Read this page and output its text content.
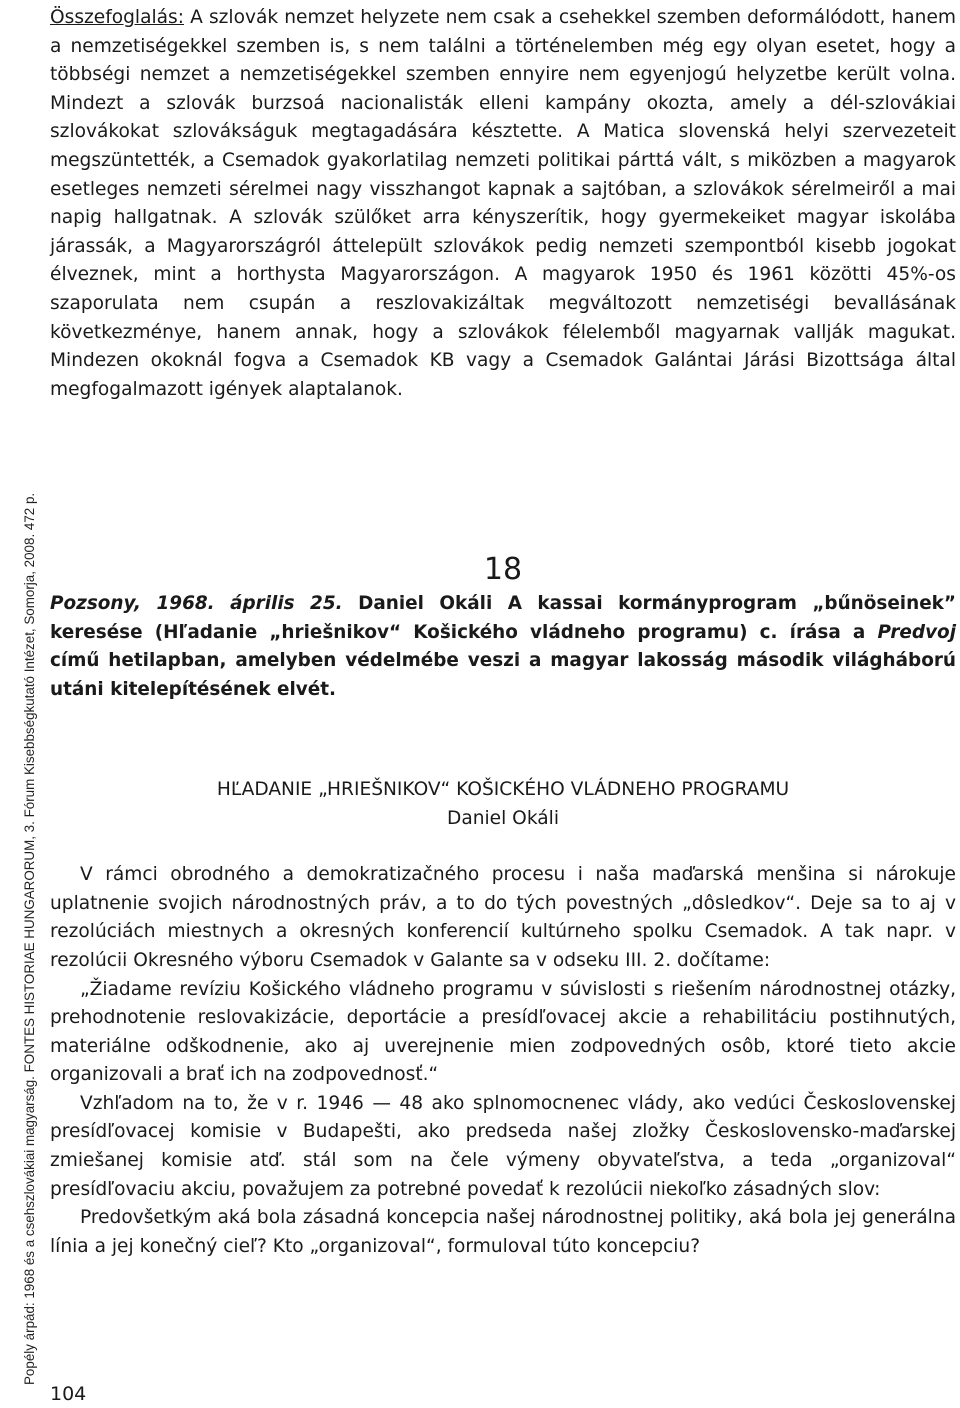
Popély árpád: 1968 és a csehszlovákiai magyarság. FONTES HISTORIAE HUNGARORUM, 3. Fórum Kisebbségkutató Intézet, Somorja, 2008. 472 p.

Összefoglalás: A szlovák nemzet helyzete nem csak a csehekkel szemben deformálódott, hanem a nemzetiségekkel szemben is, s nem találni a történelemben még egy olyan esetet, hogy a többségi nemzet a nemzetiségekkel szemben ennyire nem egyenjogú helyzetbe került volna. Mindezt a szlovák burzsoá nacionalisták elleni kampány okozta, amely a dél-szlovákiai szlovákokat szlovákságuk megtagadására késztette. A Matica slovenská helyi szervezeteit megszüntették, a Csemadok gyakorlatilag nemzeti politikai párttá vált, s miközben a magyarok esetleges nemzeti sérelmei nagy visszhangot kapnak a sajtóban, a szlovákok sérelmeiről a mai napig hallgatnak. A szlovák szülőket arra kényszerítik, hogy gyermekeiket magyar iskolába járassák, a Magyarországról áttelepült szlovákok pedig nemzeti szempontból kisebb jogokat élveznek, mint a horthysta Magyarországon. A magyarok 1950 és 1961 közötti 45%-os szaporulata nem csupán a reszlovakizáltak megváltozott nemzetiségi bevallásának következménye, hanem annak, hogy a szlovákok félelemből magyarnak vallják magukat. Mindezen okoknál fogva a Csemadok KB vagy a Csemadok Galántai Járási Bizottsága által megfogalmazott igények alaptalanok.

18

Pozsony, 1968. április 25. Daniel Okáli A kassai kormányprogram „bűnöseinek” keresése (Hľadanie „hriešnikov“ Košického vládneho programu) c. írása a Predvoj című hetilapban, amelyben védelmébe veszi a magyar lakosság második világháború utáni kitelepítésének elvét.

HĽADANIE „HRIEŠNIKOV“ KOŠICKÉHO VLÁDNEHO PROGRAMU
Daniel Okáli

V rámci obrodného a demokratizačného procesu i naša maďarská menšina si nárokuje uplatnenie svojich národnostných práv, a to do tých povestných „dôsledkov“. Deje sa to aj v rezolúciách miestnych a okresných konferencií kultúrneho spolku Csemadok. A tak napr. v rezolúcii Okresného výboru Csemadok v Galante sa v odseku III. 2. dočítame:

„Žiadame revíziu Košického vládneho programu v súvislosti s riešením národnostnej otázky, prehodnotenie reslovakizácie, deportácie a presídľovacej akcie a rehabilitáciu postihnutých, materiálne odškodnenie, ako aj uverejnenie mien zodpovedných osôb, ktoré tieto akcie organizovali a brať ich na zodpovednosť.“

Vzhľadom na to, že v r. 1946 — 48 ako splnomocnenec vlády, ako vedúci Československej presídľovacej komisie v Budapešti, ako predseda našej zložky Československo-maďarskej zmiešanej komisie atď. stál som na čele výmeny obyvateľstva, a teda „organizoval“ presídľovaciu akciu, považujem za potrebné povedať k rezolúcii niekoľko zásadných slov:

Predovšetkým aká bola zásadná koncepcia našej národnostnej politiky, aká bola jej generálna línia a jej konečný cieľ? Kto „organizoval“, formuloval túto koncepciu?

104
